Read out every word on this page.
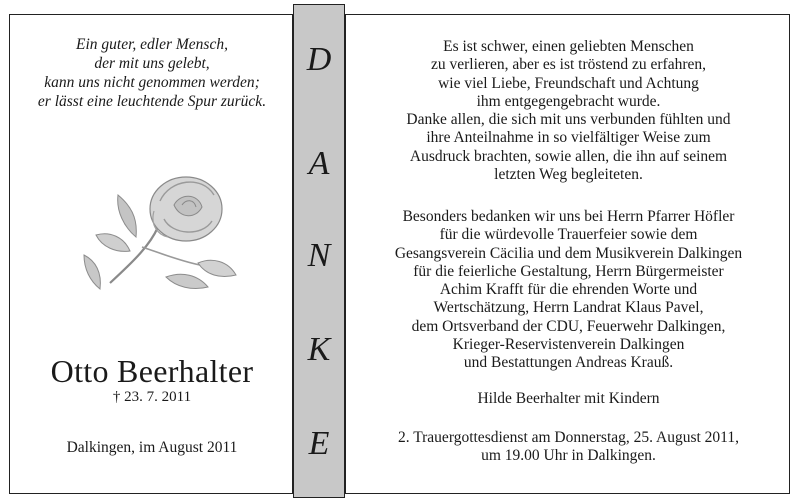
Ein guter, edler Mensch,
der mit uns gelebt,
kann uns nicht genommen werden;
er lässt eine leuchtende Spur zurück.
Otto Beerhalter
† 23. 7. 2011
Dalkingen, im August 2011
D
A
N
K
E
Es ist schwer, einen geliebten Menschen
zu verlieren, aber es ist tröstend zu erfahren,
wie viel Liebe, Freundschaft und Achtung
ihm entgegengebracht wurde.
Danke allen, die sich mit uns verbunden fühlten und
ihre Anteilnahme in so vielfältiger Weise zum
Ausdruck brachten, sowie allen, die ihn auf seinem
letzten Weg begleiteten.
Besonders bedanken wir uns bei Herrn Pfarrer Höfler
für die würdevolle Trauerfeier sowie dem
Gesangsverein Cäcilia und dem Musikverein Dalkingen
für die feierliche Gestaltung, Herrn Bürgermeister
Achim Krafft für die ehrenden Worte und
Wertschätzung, Herrn Landrat Klaus Pavel,
dem Ortsverband der CDU, Feuerwehr Dalkingen,
Krieger-Reservistenverein Dalkingen
und Bestattungen Andreas Krauß.
Hilde Beerhalter mit Kindern
2. Trauergottesdienst am Donnerstag, 25. August 2011,
um 19.00 Uhr in Dalkingen.
